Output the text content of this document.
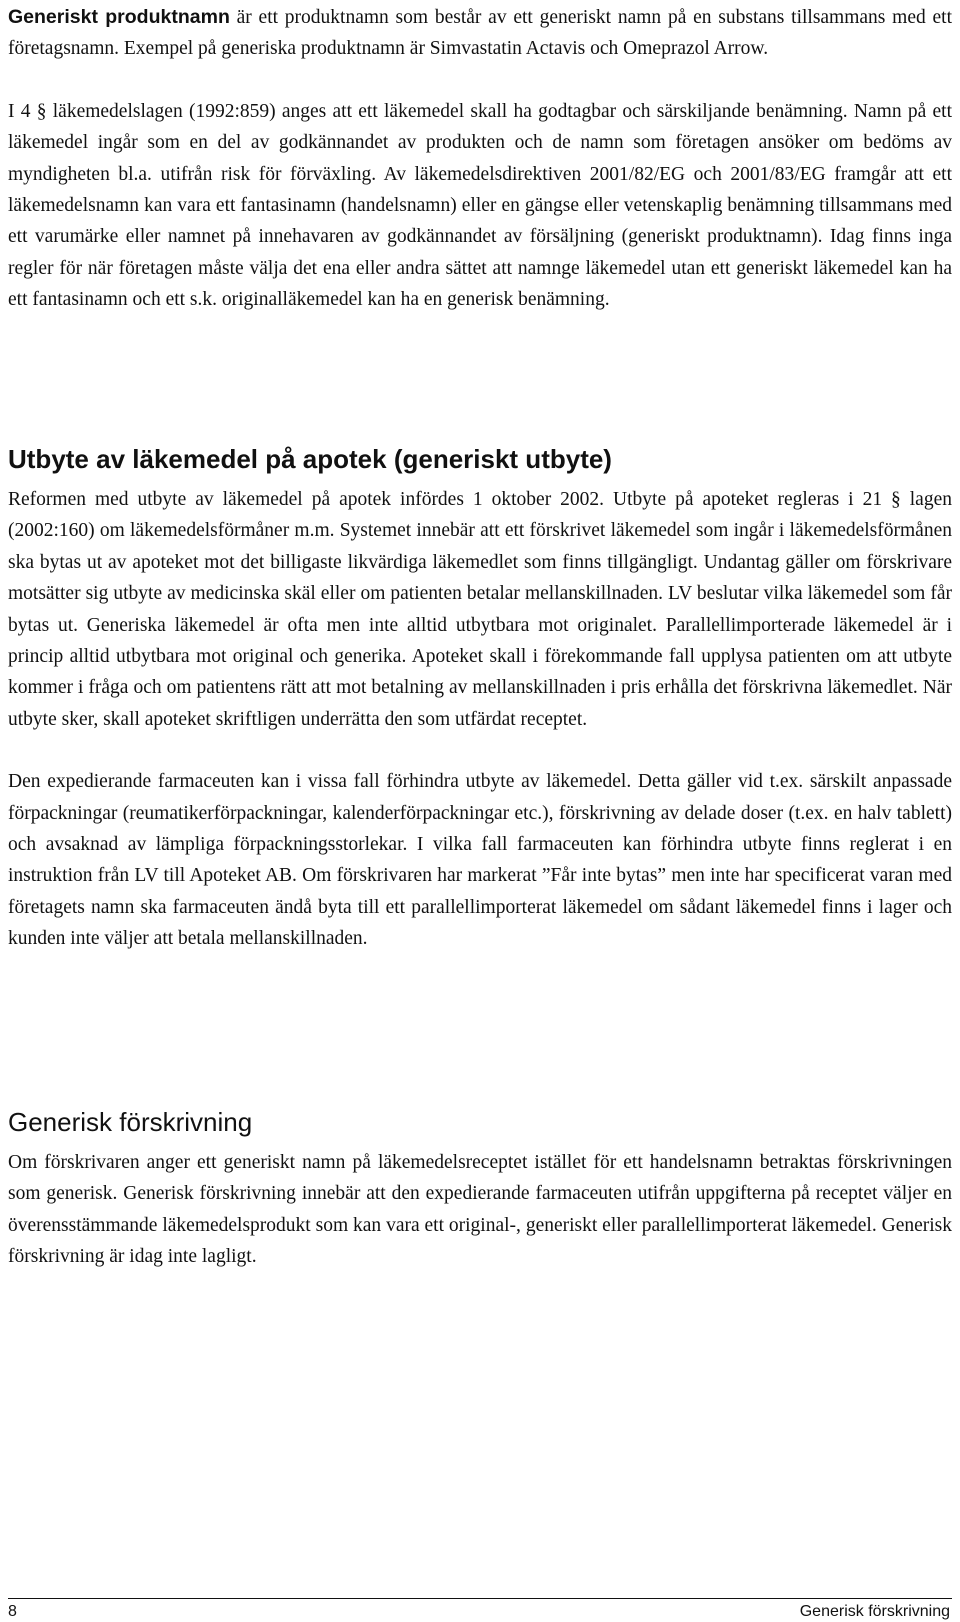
Generiskt produktnamn är ett produktnamn som består av ett generiskt namn på en substans tillsammans med ett företagsnamn. Exempel på generiska produktnamn är Simvastatin Actavis och Omeprazol Arrow.

I 4 § läkemedelslagen (1992:859) anges att ett läkemedel skall ha godtagbar och särskiljande benämning. Namn på ett läkemedel ingår som en del av godkännandet av produkten och de namn som företagen ansöker om bedöms av myndigheten bl.a. utifrån risk för förväxling. Av läkemedelsdirektiven 2001/82/EG och 2001/83/EG framgår att ett läkemedelsnamn kan vara ett fantasinamn (handelsnamn) eller en gängse eller vetenskaplig benämning tillsammans med ett varumärke eller namnet på innehavaren av godkännandet av försäljning (generiskt produktnamn). Idag finns inga regler för när företagen måste välja det ena eller andra sättet att namnge läkemedel utan ett generiskt läkemedel kan ha ett fantasinamn och ett s.k. originalläkemedel kan ha en generisk benämning.

Utbyte av läkemedel på apotek (generiskt utbyte)

Reformen med utbyte av läkemedel på apotek infördes 1 oktober 2002. Utbyte på apoteket regleras i 21 § lagen (2002:160) om läkemedelsförmåner m.m. Systemet innebär att ett förskrivet läkemedel som ingår i läkemedelsförmånen ska bytas ut av apoteket mot det billigaste likvärdiga läkemedlet som finns tillgängligt. Undantag gäller om förskrivare motsätter sig utbyte av medicinska skäl eller om patienten betalar mellanskillnaden. LV beslutar vilka läkemedel som får bytas ut. Generiska läkemedel är ofta men inte alltid utbytbara mot originalet. Parallellimporterade läkemedel är i princip alltid utbytbara mot original och generika. Apoteket skall i förekommande fall upplysa patienten om att utbyte kommer i fråga och om patientens rätt att mot betalning av mellanskillnaden i pris erhålla det förskrivna läkemedlet. När utbyte sker, skall apoteket skriftligen underrätta den som utfärdat receptet.

Den expedierande farmaceuten kan i vissa fall förhindra utbyte av läkemedel. Detta gäller vid t.ex. särskilt anpassade förpackningar (reumatikerförpackningar, kalenderförpackningar etc.), förskrivning av delade doser (t.ex. en halv tablett) och avsaknad av lämpliga förpackningsstorlekar. I vilka fall farmaceuten kan förhindra utbyte finns reglerat i en instruktion från LV till Apoteket AB. Om förskrivaren har markerat ”Får inte bytas” men inte har specificerat varan med företagets namn ska farmaceuten ändå byta till ett parallellimporterat läkemedel om sådant läkemedel finns i lager och kunden inte väljer att betala mellanskillnaden.

Generisk förskrivning

Om förskrivaren anger ett generiskt namn på läkemedelsreceptet istället för ett handelsnamn betraktas förskrivningen som generisk. Generisk förskrivning innebär att den expedierande farmaceuten utifrån uppgifterna på receptet väljer en överensstämmande läkemedelsprodukt som kan vara ett original-, generiskt eller parallellimporterat läkemedel. Generisk förskrivning är idag inte lagligt.

8	Generisk förskrivning
